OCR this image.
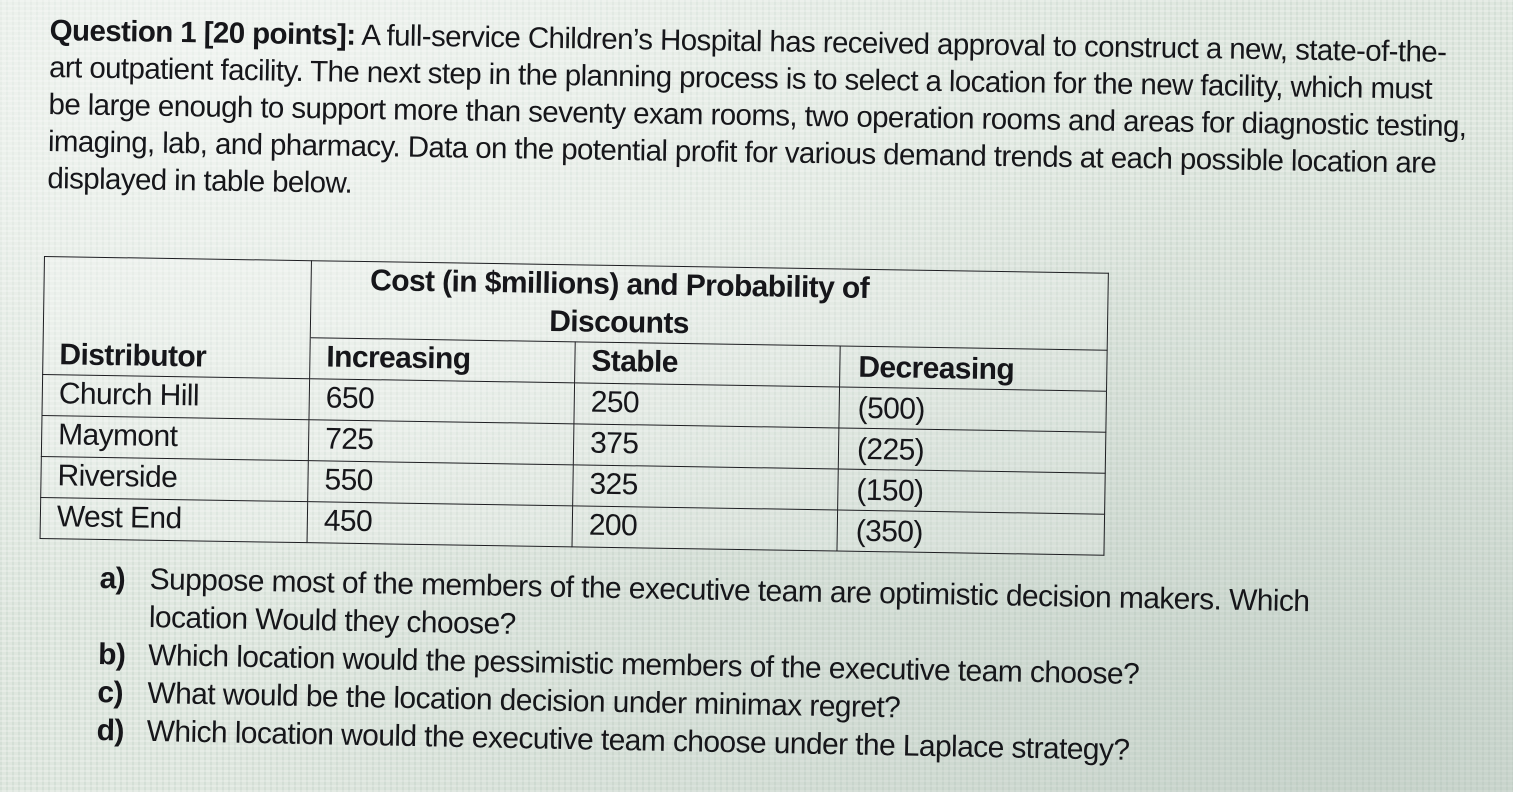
Question 1 [20 points]: A full-service Children’s Hospital has received approval to construct a new, state-of-the-art outpatient facility. The next step in the planning process is to select a location for the new facility, which must be large enough to support more than seventy exam rooms, two operation rooms and areas for diagnostic testing, imaging, lab, and pharmacy. Data on the potential profit for various demand trends at each possible location are displayed in table below.

	Cost (in $millions) and Probability of Discounts		
Distributor	Increasing	Stable	Decreasing
Church Hill	650	250	(500)
Maymont	725	375	(225)
Riverside	550	325	(150)
West End	450	200	(350)
a) Suppose most of the members of the executive team are optimistic decision makers. Which location Would they choose?
b) Which location would the pessimistic members of the executive team choose?
c) What would be the location decision under minimax regret?
d) Which location would the executive team choose under the Laplace strategy?
